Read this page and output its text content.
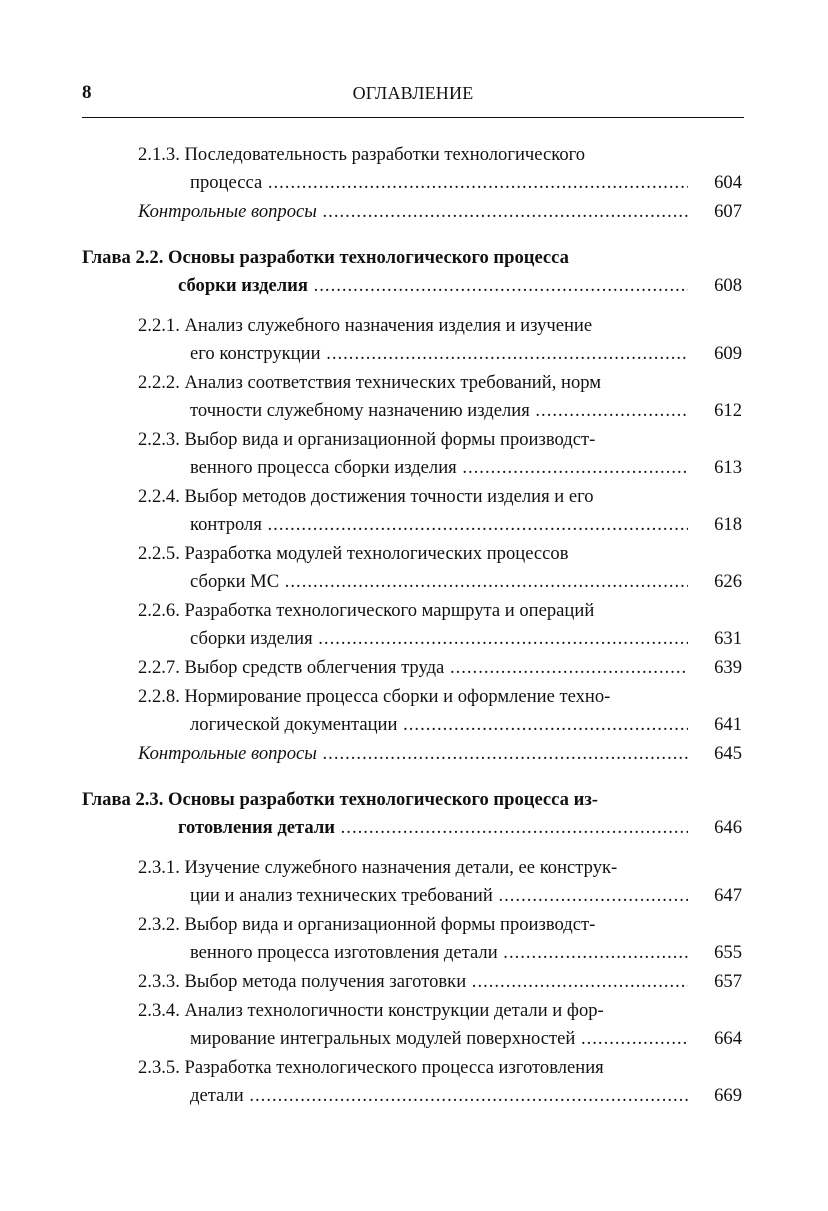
8	ОГЛАВЛЕНИЕ
2.1.3. Последовательность разработки технологического
процесса .....	604
Контрольные вопросы .....	607
Глава 2.2. Основы разработки технологического процесса
сборки изделия .....	608
2.2.1. Анализ служебного назначения изделия и изучение
его конструкции .....	609
2.2.2. Анализ соответствия технических требований, норм
точности служебному назначению изделия .....	612
2.2.3. Выбор вида и организационной формы производст-
венного процесса сборки изделия .....	613
2.2.4. Выбор методов достижения точности изделия и его
контроля .....	618
2.2.5. Разработка модулей технологических процессов
сборки МС .....	626
2.2.6. Разработка технологического маршрута и операций
сборки изделия .....	631
2.2.7. Выбор средств облегчения труда .....	639
2.2.8. Нормирование процесса сборки и оформление техно-
логической документации .....	641
Контрольные вопросы .....	645
Глава 2.3. Основы разработки технологического процесса из-
готовления детали .....	646
2.3.1. Изучение служебного назначения детали, ее конструк-
ции и анализ технических требований .....	647
2.3.2. Выбор вида и организационной формы производст-
венного процесса изготовления детали .....	655
2.3.3. Выбор метода получения заготовки .....	657
2.3.4. Анализ технологичности конструкции детали и фор-
мирование интегральных модулей поверхностей .....	664
2.3.5. Разработка технологического процесса изготовления
детали .....	669
